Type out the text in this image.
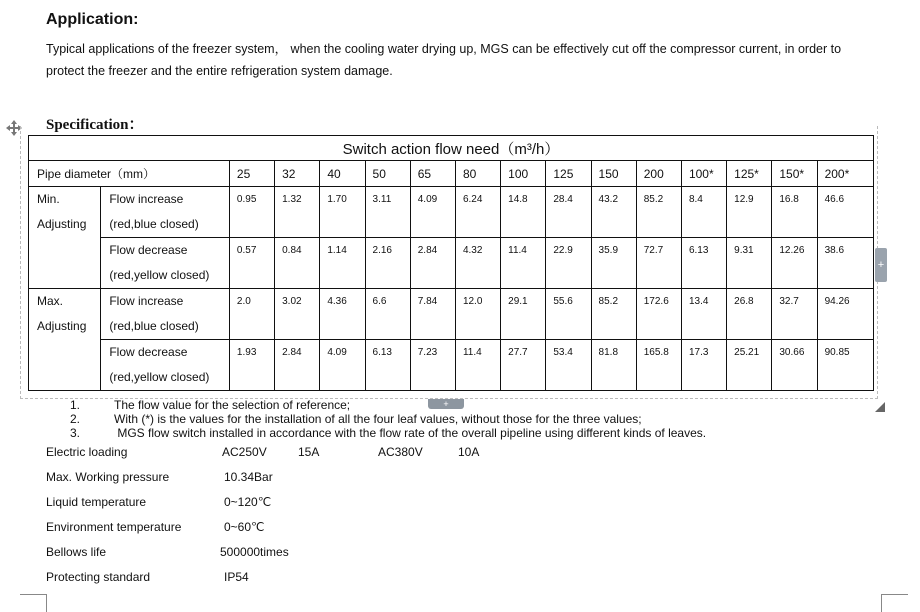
Application:
Typical applications of the freezer system， when the cooling water drying up, MGS can be effectively cut off the compressor current, in order to
protect the freezer and the entire refrigeration system damage.
Specification：
Switch action flow need（m³/h）															
Pipe diameter（mm）		25	32	40	50	65	80	100	125	150	200	100*	125*	150*	200*
Min.
Adjusting	Flow increase
(red,blue closed)	0.95	1.32	1.70	3.11	4.09	6.24	14.8	28.4	43.2	85.2	8.4	12.9	16.8	46.6
	Flow decrease
(red,yellow closed)	0.57	0.84	1.14	2.16	2.84	4.32	11.4	22.9	35.9	72.7	6.13	9.31	12.26	38.6
Max.
Adjusting	Flow increase
(red,blue closed)	2.0	3.02	4.36	6.6	7.84	12.0	29.1	55.6	85.2	172.6	13.4	26.8	32.7	94.26
	Flow decrease
(red,yellow closed)	1.93	2.84	4.09	6.13	7.23	11.4	27.7	53.4	81.8	165.8	17.3	25.21	30.66	90.85
+
+
1.	The flow value for the selection of reference;
2.	With (*) is the values for the installation of all the four leaf values, without those for the three values;
3.	MGS flow switch installed in accordance with the flow rate of the overall pipeline using different kinds of leaves.
Electric loading	AC250V	15A	AC380V	10A
Max. Working pressure	10.34Bar
Liquid temperature	0~120℃
Environment temperature	0~60℃
Bellows life	500000times
Protecting standard	IP54
